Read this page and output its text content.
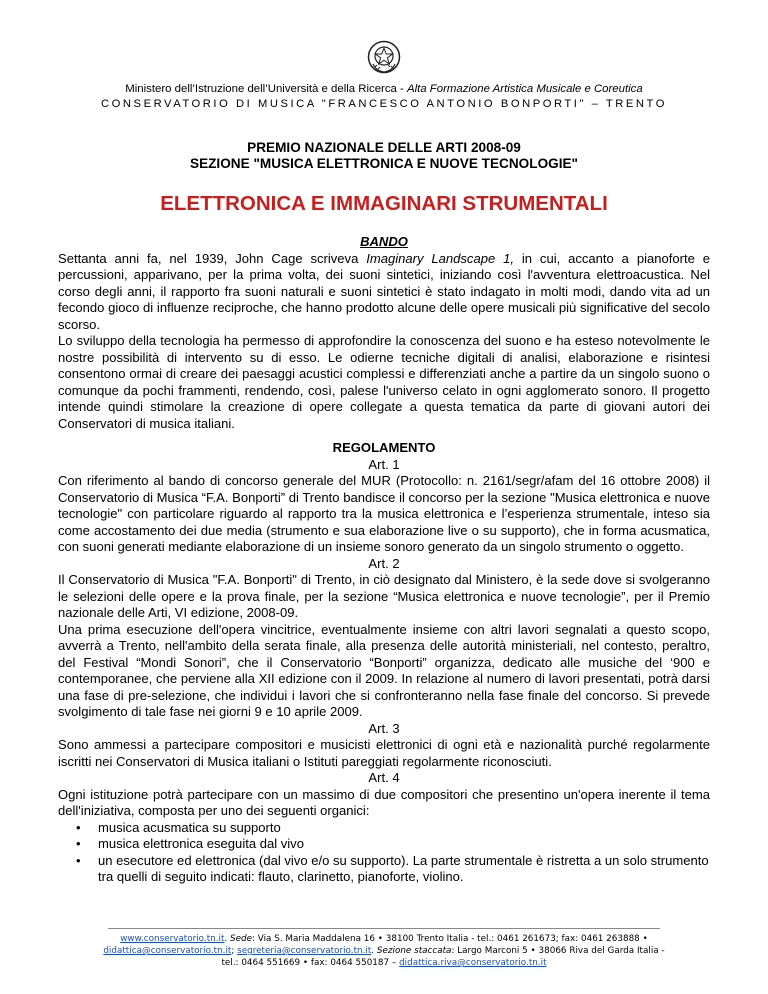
Ministero dell’Istruzione dell’Università e della Ricerca - Alta Formazione Artistica Musicale e Coreutica
CONSERVATORIO DI MUSICA "FRANCESCO ANTONIO BONPORTI" – TRENTO
PREMIO NAZIONALE DELLE ARTI 2008-09
SEZIONE "MUSICA ELETTRONICA E NUOVE TECNOLOGIE"
ELETTRONICA E IMMAGINARI STRUMENTALI

BANDO

Settanta anni fa, nel 1939, John Cage scriveva Imaginary Landscape 1, in cui, accanto a pianoforte e percussioni, apparivano, per la prima volta, dei suoni sintetici, iniziando così l'avventura elettroacustica. Nel corso degli anni, il rapporto fra suoni naturali e suoni sintetici è stato indagato in molti modi, dando vita ad un fecondo gioco di influenze reciproche, che hanno prodotto alcune delle opere musicali più significative del secolo scorso.

Lo sviluppo della tecnologia ha permesso di approfondire la conoscenza del suono e ha esteso notevolmente le nostre possibilità di intervento su di esso. Le odierne tecniche digitali di analisi, elaborazione e risintesi consentono ormai di creare dei paesaggi acustici complessi e differenziati anche a partire da un singolo suono o comunque da pochi frammenti, rendendo, così, palese l'universo celato in ogni agglomerato sonoro. Il progetto intende quindi stimolare la creazione di opere collegate a questa tematica da parte di giovani autori dei Conservatori di musica italiani.

REGOLAMENTO

Art. 1

Con riferimento al bando di concorso generale del MUR (Protocollo: n. 2161/segr/afam del 16 ottobre 2008) il Conservatorio di Musica “F.A. Bonporti” di Trento bandisce il concorso per la sezione "Musica elettronica e nuove tecnologie" con particolare riguardo al rapporto tra la musica elettronica e l’esperienza strumentale, inteso sia come accostamento dei due media (strumento e sua elaborazione live o su supporto), che in forma acusmatica, con suoni generati mediante elaborazione di un insieme sonoro generato da un singolo strumento o oggetto.

Art. 2

Il Conservatorio di Musica "F.A. Bonporti" di Trento, in ciò designato dal Ministero, è la sede dove si svolgeranno le selezioni delle opere e la prova finale, per la sezione “Musica elettronica e nuove tecnologie”, per il Premio nazionale delle Arti, VI edizione, 2008-09.

Una prima esecuzione dell'opera vincitrice, eventualmente insieme con altri lavori segnalati a questo scopo, avverrà a Trento, nell'ambito della serata finale, alla presenza delle autorità ministeriali, nel contesto, peraltro, del Festival “Mondi Sonori”, che il Conservatorio “Bonporti” organizza, dedicato alle musiche del ‘900 e contemporanee, che perviene alla XII edizione con il 2009. In relazione al numero di lavori presentati, potrà darsi una fase di pre-selezione, che individui i lavori che si confronteranno nella fase finale del concorso. Si prevede svolgimento di tale fase nei giorni 9 e 10 aprile 2009.

Art. 3

Sono ammessi a partecipare compositori e musicisti elettronici di ogni età e nazionalità purché regolarmente iscritti nei Conservatori di Musica italiani o Istituti pareggiati regolarmente riconosciuti.

Art. 4

Ogni istituzione potrà partecipare con un massimo di due compositori che presentino un'opera inerente il tema dell'iniziativa, composta per uno dei seguenti organici:

• musica acusmatica su supporto
• musica elettronica eseguita dal vivo
• un esecutore ed elettronica (dal vivo e/o su supporto). La parte strumentale è ristretta a un solo strumento tra quelli di seguito indicati: flauto, clarinetto, pianoforte, violino.
www.conservatorio.tn.it. Sede: Via S. Maria Maddalena 16 • 38100 Trento Italia - tel.: 0461 261673; fax: 0461 263888 •
didattica@conservatorio.tn.it; segreteria@conservatorio.tn.it. Sezione staccata: Largo Marconi 5 • 38066 Riva del Garda Italia -
tel.: 0464 551669 • fax: 0464 550187 – didattica.riva@conservatorio.tn.it
